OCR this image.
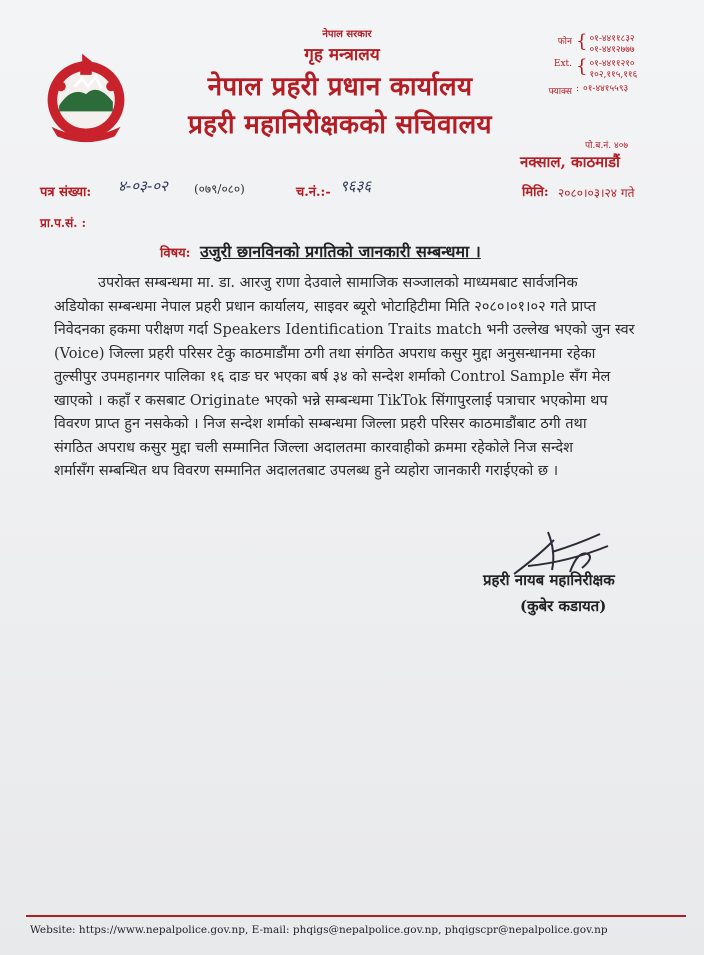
नेपाल सरकार
गृह मन्त्रालय
नेपाल प्रहरी प्रधान कार्यालय
प्रहरी महानिरीक्षकको सचिवालय
फोन { ०१-४४११८३२
०१-४४१२७७७
Ext. { ०१-४४११२१०
१०२,११५,११६
फ्याक्स : ०१-४४१५५९३
पो.ब.नं. ४०७
नक्साल, काठमाडौं
पत्र संख्या: ४-०३-०२ (०७९/०८०)	च.नं.:- ९६३६	मिति: २०८०।०३।२४ गते
प्रा.प.सं. :
विषय: उजुरी छानविनको प्रगतिको जानकारी सम्बन्धमा ।
उपरोक्त सम्बन्धमा मा. डा. आरजु राणा देउवाले सामाजिक सञ्जालको माध्यमबाट सार्वजनिक
अडियोका सम्बन्धमा नेपाल प्रहरी प्रधान कार्यालय, साइवर ब्यूरो भोटाहिटीमा मिति २०८०।०१।०२ गते प्राप्त
निवेदनका हकमा परीक्षण गर्दा Speakers Identification Traits match भनी उल्लेख भएको जुन स्वर
(Voice) जिल्ला प्रहरी परिसर टेकु काठमाडौंमा ठगी तथा संगठित अपराध कसुर मुद्दा अनुसन्धानमा रहेका
तुल्सीपुर उपमहानगर पालिका १६ दाङ घर भएका बर्ष ३४ को सन्देश शर्माको Control Sample सँग मेल
खाएको । कहाँ र कसबाट Originate भएको भन्ने सम्बन्धमा TikTok सिंगापुरलाई पत्राचार भएकोमा थप
विवरण प्राप्त हुन नसकेको । निज सन्देश शर्माको सम्बन्धमा जिल्ला प्रहरी परिसर काठमाडौंबाट ठगी तथा
संगठित अपराध कसुर मुद्दा चली सम्मानित जिल्ला अदालतमा कारवाहीको क्रममा रहेकोले निज सन्देश
शर्मासँग सम्बन्धित थप विवरण सम्मानित अदालतबाट उपलब्ध हुने व्यहोरा जानकारी गराईएको छ ।
प्रहरी नायब महानिरीक्षक
(कुबेर कडायत)
Website: https://www.nepalpolice.gov.np, E-mail: phqigs@nepalpolice.gov.np, phqigscpr@nepalpolice.gov.np
